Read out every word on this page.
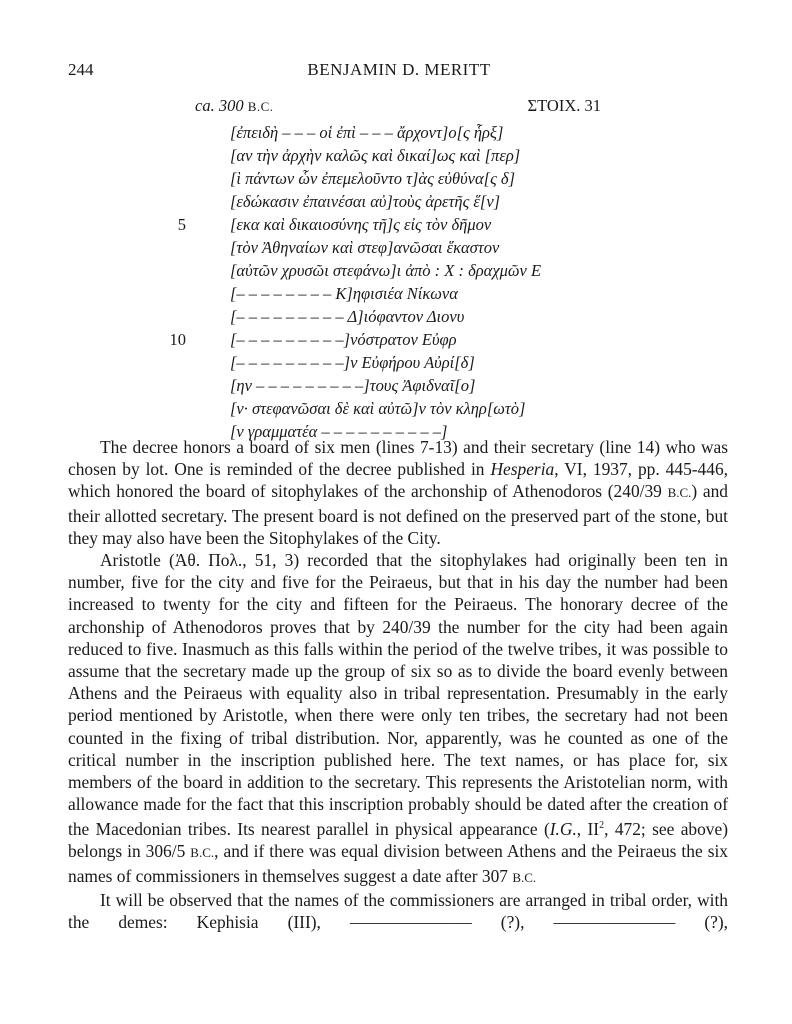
244	BENJAMIN D. MERITT
ca. 300 B.C.	ΣΤΟΙΧ. 31
[ἐπειδὴ – – – οἱ ἐπὶ – – – ἄρχοντ]ο[ς ἧρξ]
[αν τὴν ἀρχὴν καλῶς καὶ δικαί]ως καὶ [περ]
[ὶ πάντων ὧν ἐπεμελοῦντο τ]ὰς εὐθύνα[ς δ]
[εδώκασιν ἐπαινέσαι αὐ]τοὺς ἀρετῆς ἕ[ν]
5	[εκα καὶ δικαιοσύνης τῆ]ς εἰς τὸν δῆμον
[τὸν Ἀθηναίων καὶ στεφ]ανῶσαι ἕκαστον
[αὐτῶν χρυσῶι στεφάνω]ι ἀπὸ : X : δραχμῶν Ε
[– – – – – – – – K]ηφισιέα Νίκωνα
[– – – – – – – – – Δ]ιόφαντον Διονυ
10	[– – – – – – – – –]νόστρατον Εὐφρ
[– – – – – – – – –]ν Εὐφήρου Αὐρί[δ]
[ην – – – – – – – – –]τους Ἀφιδναῖ[ο]
[ν· στεφανῶσαι δὲ καὶ αὐτῶ]ν τὸν κληρ[ωτὸ]
[ν γραμματέα – – – – – – – – – –]

The decree honors a board of six men (lines 7-13) and their secretary (line 14) who was chosen by lot. One is reminded of the decree published in Hesperia, VI, 1937, pp. 445-446, which honored the board of sitophylakes of the archonship of Athenodoros (240/39 B.C.) and their allotted secretary. The present board is not defined on the preserved part of the stone, but they may also have been the Sitophylakes of the City.

Aristotle (Ἀθ. Πολ., 51, 3) recorded that the sitophylakes had originally been ten in number, five for the city and five for the Peiraeus, but that in his day the number had been increased to twenty for the city and fifteen for the Peiraeus. The honorary decree of the archonship of Athenodoros proves that by 240/39 the number for the city had been again reduced to five. Inasmuch as this falls within the period of the twelve tribes, it was possible to assume that the secretary made up the group of six so as to divide the board evenly between Athens and the Peiraeus with equality also in tribal representation. Presumably in the early period mentioned by Aristotle, when there were only ten tribes, the secretary had not been counted in the fixing of tribal distribution. Nor, apparently, was he counted as one of the critical number in the inscription published here. The text names, or has place for, six members of the board in addition to the secretary. This represents the Aristotelian norm, with allowance made for the fact that this inscription probably should be dated after the creation of the Macedonian tribes. Its nearest parallel in physical appearance (I.G., $II^2$, 472; see above) belongs in 306/5 B.C., and if there was equal division between Athens and the Peiraeus the six names of commissioners in themselves suggest a date after 307 B.C.

It will be observed that the names of the commissioners are arranged in tribal order, with the demes: Kephisia (III), ——————— (?), ——————— (?),
